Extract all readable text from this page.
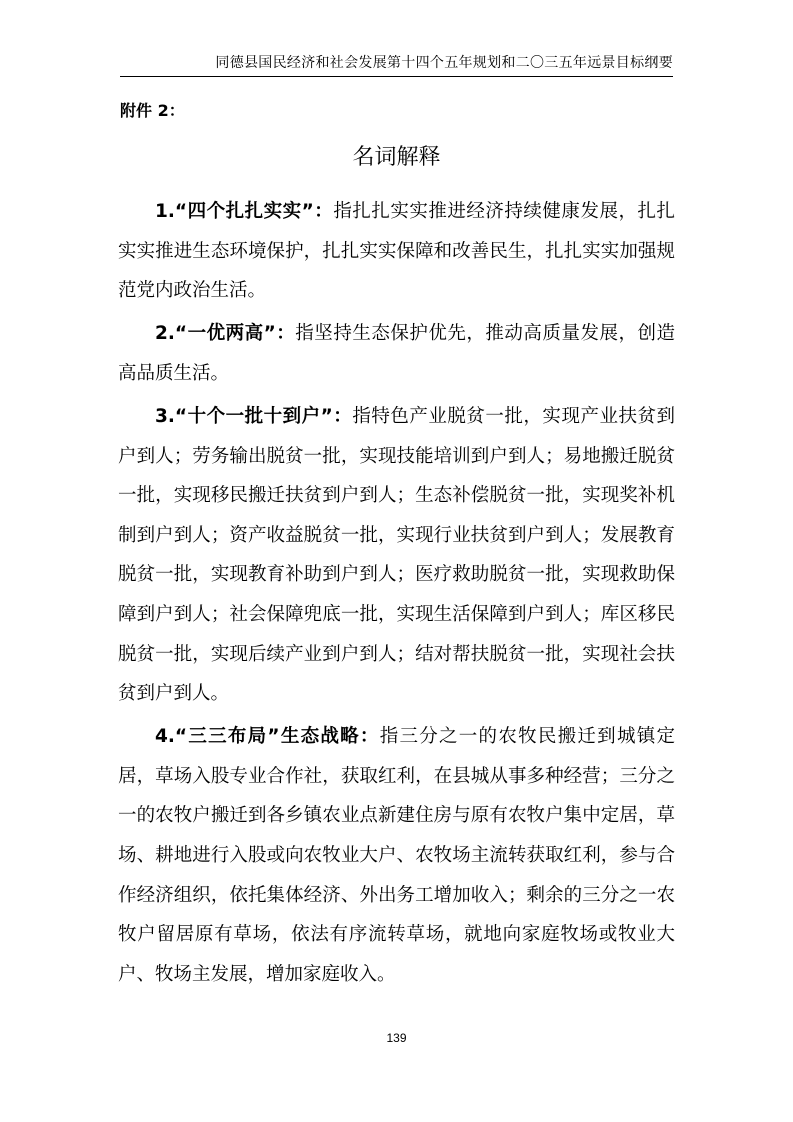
同德县国民经济和社会发展第十四个五年规划和二〇三五年远景目标纲要
附件 2：
名词解释

1.“四个扎扎实实”：指扎扎实实推进经济持续健康发展，扎扎实实推进生态环境保护，扎扎实实保障和改善民生，扎扎实实加强规范党内政治生活。

2.“一优两高”：指坚持生态保护优先，推动高质量发展，创造高品质生活。

3.“十个一批十到户”：指特色产业脱贫一批，实现产业扶贫到户到人；劳务输出脱贫一批，实现技能培训到户到人；易地搬迁脱贫一批，实现移民搬迁扶贫到户到人；生态补偿脱贫一批，实现奖补机制到户到人；资产收益脱贫一批，实现行业扶贫到户到人；发展教育脱贫一批，实现教育补助到户到人；医疗救助脱贫一批，实现救助保障到户到人；社会保障兜底一批，实现生活保障到户到人；库区移民脱贫一批，实现后续产业到户到人；结对帮扶脱贫一批，实现社会扶贫到户到人。

4.“三三布局”生态战略：指三分之一的农牧民搬迁到城镇定居，草场入股专业合作社，获取红利，在县城从事多种经营；三分之一的农牧户搬迁到各乡镇农业点新建住房与原有农牧户集中定居，草场、耕地进行入股或向农牧业大户、农牧场主流转获取红利，参与合作经济组织，依托集体经济、外出务工增加收入；剩余的三分之一农牧户留居原有草场，依法有序流转草场，就地向家庭牧场或牧业大户、牧场主发展，增加家庭收入。

139
